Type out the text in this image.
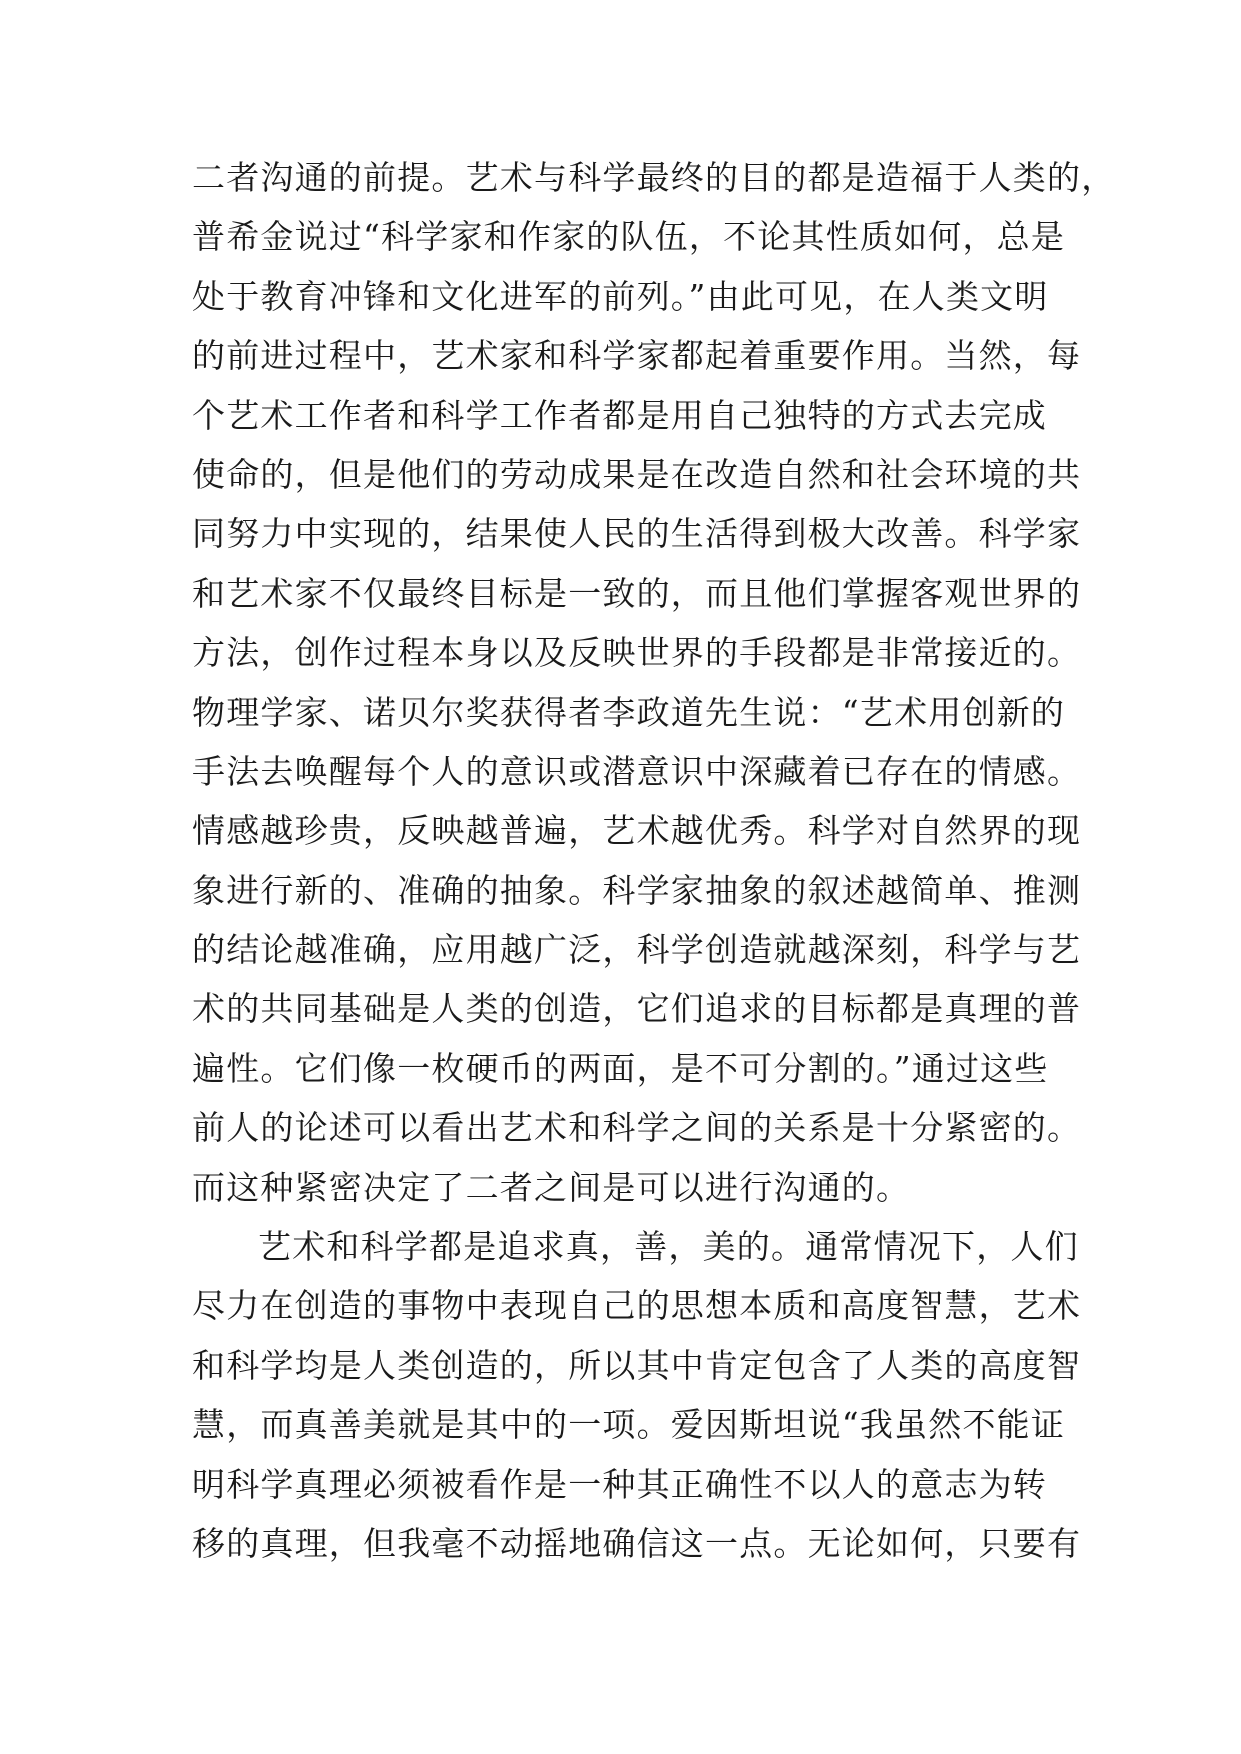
二者沟通的前提。艺术与科学最终的目的都是造福于人类的，
普希金说过“科学家和作家的队伍，不论其性质如何，总是
处于教育冲锋和文化进军的前列。”由此可见，在人类文明
的前进过程中，艺术家和科学家都起着重要作用。当然，每
个艺术工作者和科学工作者都是用自己独特的方式去完成
使命的，但是他们的劳动成果是在改造自然和社会环境的共
同努力中实现的，结果使人民的生活得到极大改善。科学家
和艺术家不仅最终目标是一致的，而且他们掌握客观世界的
方法，创作过程本身以及反映世界的手段都是非常接近的。
物理学家、诺贝尔奖获得者李政道先生说：“艺术用创新的
手法去唤醒每个人的意识或潜意识中深藏着已存在的情感。
情感越珍贵，反映越普遍，艺术越优秀。科学对自然界的现
象进行新的、准确的抽象。科学家抽象的叙述越简单、推测
的结论越准确，应用越广泛，科学创造就越深刻，科学与艺
术的共同基础是人类的创造，它们追求的目标都是真理的普
遍性。它们像一枚硬币的两面，是不可分割的。”通过这些
前人的论述可以看出艺术和科学之间的关系是十分紧密的。
而这种紧密决定了二者之间是可以进行沟通的。
艺术和科学都是追求真，善，美的。通常情况下，人们
尽力在创造的事物中表现自己的思想本质和高度智慧，艺术
和科学均是人类创造的，所以其中肯定包含了人类的高度智
慧，而真善美就是其中的一项。爱因斯坦说“我虽然不能证
明科学真理必须被看作是一种其正确性不以人的意志为转
移的真理，但我毫不动摇地确信这一点。无论如何，只要有
